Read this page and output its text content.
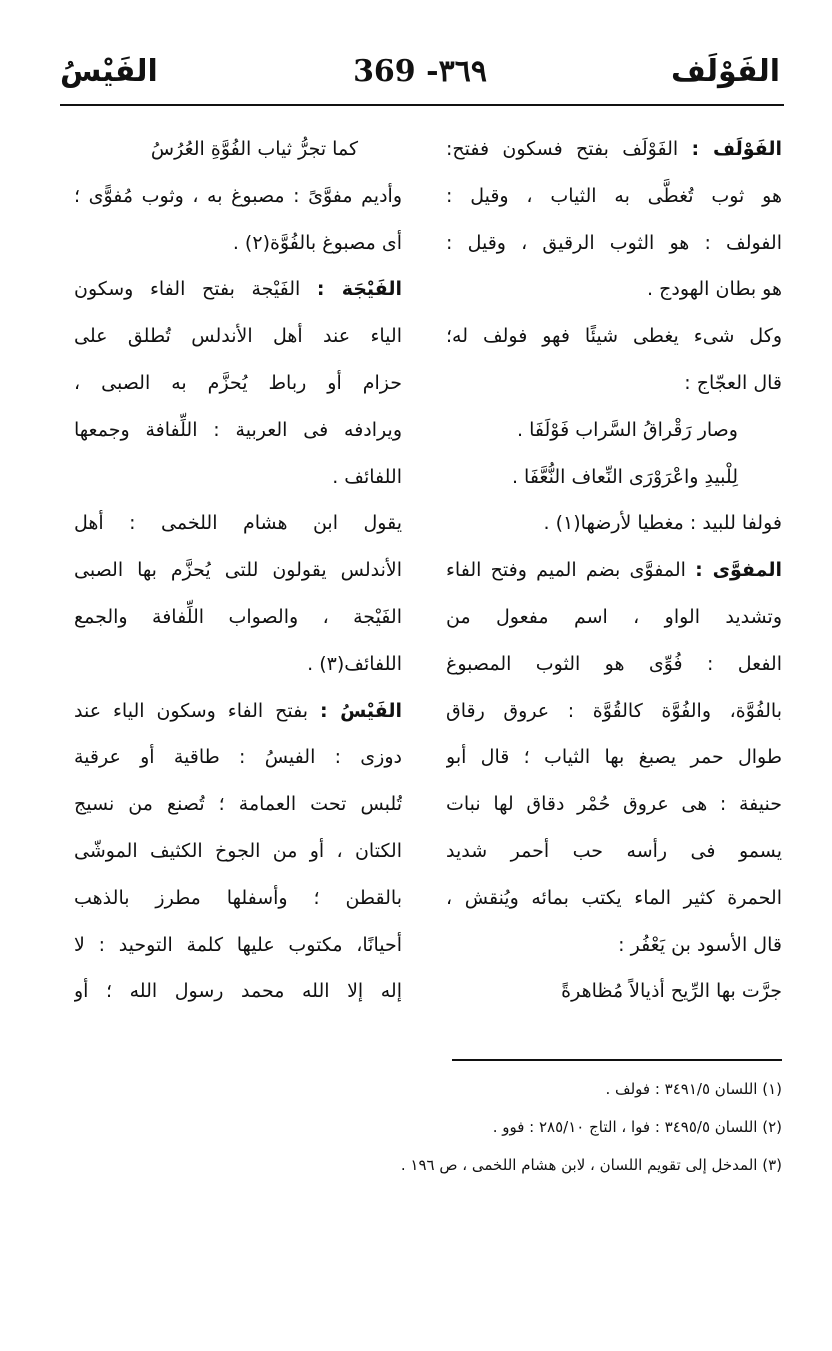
الفَوْلَف
369 -٣٦٩
الفَيْسُ
الفَوْلَف : الفَوْلَف بفتح فسكون ففتح:
هو ثوب تُغطَّى به الثياب ، وقيل :
الفولف : هو الثوب الرقيق ، وقيل :
هو بطان الهودج .
وكل شىء يغطى شيئًا فهو فولف له؛
قال العجّاج :
وصار رَقْراقُ السَّراب فَوْلَفَا .
لِلْبيدِ واعْرَوْرَى النِّعاف النُّعَّفَا .
فولفا للبيد : مغطيا لأرضها(١) .
المفوَّى : المفوَّى بضم الميم وفتح الفاء
وتشديد الواو ، اسم مفعول من
الفعل : فُوِّى هو الثوب المصبوغ
بالفُوَّة، والفُوَّة كالقُوَّة : عروق رقاق
طوال حمر يصبغ بها الثياب ؛ قال أبو
حنيفة : هى عروق حُمْر دقاق لها نبات
يسمو فى رأسه حب أحمر شديد
الحمرة كثير الماء يكتب بمائه ويُنقش ،
قال الأسود بن يَعْفُر :
جرَّت بها الرِّيح أذيالاً مُظاهرةً
كما تجرُّ ثياب الفُوَّةِ العُرُسُ
وأديم مفوَّىً : مصبوغ به ، وثوب مُفوًّى ؛
أى مصبوغ بالفُوَّة(٢) .
الفَيْجَة : الفَيْجة بفتح الفاء وسكون
الياء عند أهل الأندلس تُطلق على
حزام أو رباط يُحزَّم به الصبى ،
ويرادفه فى العربية : اللِّفافة وجمعها
اللفائف .
يقول ابن هشام اللخمى : أهل
الأندلس يقولون للتى يُحزَّم بها الصبى
الفَيْجة ، والصواب اللِّفافة والجمع
اللفائف(٣) .
الفَيْسُ : بفتح الفاء وسكون الياء عند
دوزى : الفيسُ : طاقية أو عرقية
تُلبس تحت العمامة ؛ تُصنع من نسيج
الكتان ، أو من الجوخ الكثيف الموشّى
بالقطن ؛ وأسفلها مطرز بالذهب
أحيانًا، مكتوب عليها كلمة التوحيد : لا
إله إلا الله محمد رسول الله ؛ أو
(١) اللسان ٣٤٩١/٥ : فولف .
(٢) اللسان ٣٤٩٥/٥ : فوا ، التاج ٢٨٥/١٠ : فوو .
(٣) المدخل إلى تقويم اللسان ، لابن هشام اللخمى ، ص ١٩٦ .
